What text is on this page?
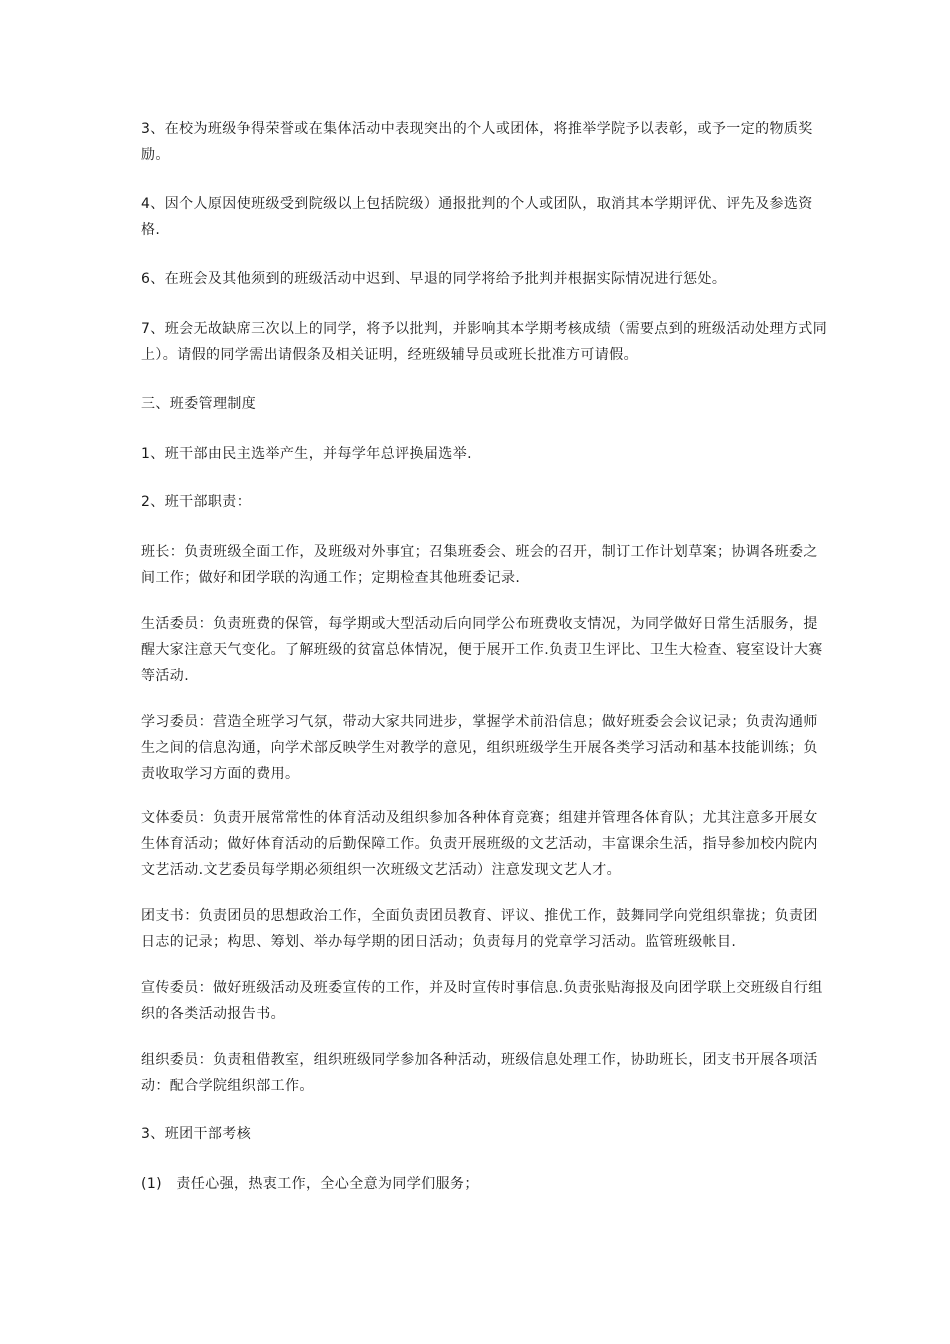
3、在校为班级争得荣誉或在集体活动中表现突出的个人或团体，将推举学院予以表彰，或予一定的物质奖励。

4、因个人原因使班级受到院级以上包括院级）通报批判的个人或团队，取消其本学期评优、评先及参选资格.

6、在班会及其他须到的班级活动中迟到、早退的同学将给予批判并根据实际情况进行惩处。

7、班会无故缺席三次以上的同学，将予以批判，并影响其本学期考核成绩（需要点到的班级活动处理方式同上）。请假的同学需出请假条及相关证明，经班级辅导员或班长批准方可请假。

三、班委管理制度

1、班干部由民主选举产生，并每学年总评换届选举.

2、班干部职责：

班长：负责班级全面工作，及班级对外事宜；召集班委会、班会的召开，制订工作计划草案；协调各班委之间工作；做好和团学联的沟通工作；定期检查其他班委记录.

生活委员：负责班费的保管，每学期或大型活动后向同学公布班费收支情况，为同学做好日常生活服务，提醒大家注意天气变化。了解班级的贫富总体情况，便于展开工作.负责卫生评比、卫生大检查、寝室设计大赛等活动.

学习委员：营造全班学习气氛，带动大家共同进步，掌握学术前沿信息；做好班委会会议记录；负责沟通师生之间的信息沟通，向学术部反映学生对教学的意见，组织班级学生开展各类学习活动和基本技能训练；负责收取学习方面的费用。

文体委员：负责开展常常性的体育活动及组织参加各种体育竞赛；组建并管理各体育队；尤其注意多开展女生体育活动；做好体育活动的后勤保障工作。负责开展班级的文艺活动，丰富课余生活，指导参加校内院内文艺活动.文艺委员每学期必须组织一次班级文艺活动）注意发现文艺人才。

团支书：负责团员的思想政治工作，全面负责团员教育、评议、推优工作，鼓舞同学向党组织靠拢；负责团日志的记录；构思、筹划、举办每学期的团日活动；负责每月的党章学习活动。监管班级帐目.

宣传委员：做好班级活动及班委宣传的工作，并及时宣传时事信息.负责张贴海报及向团学联上交班级自行组织的各类活动报告书。

组织委员：负责租借教室，组织班级同学参加各种活动，班级信息处理工作，协助班长，团支书开展各项活动：配合学院组织部工作。

3、班团干部考核

(1)　责任心强，热衷工作，全心全意为同学们服务；
